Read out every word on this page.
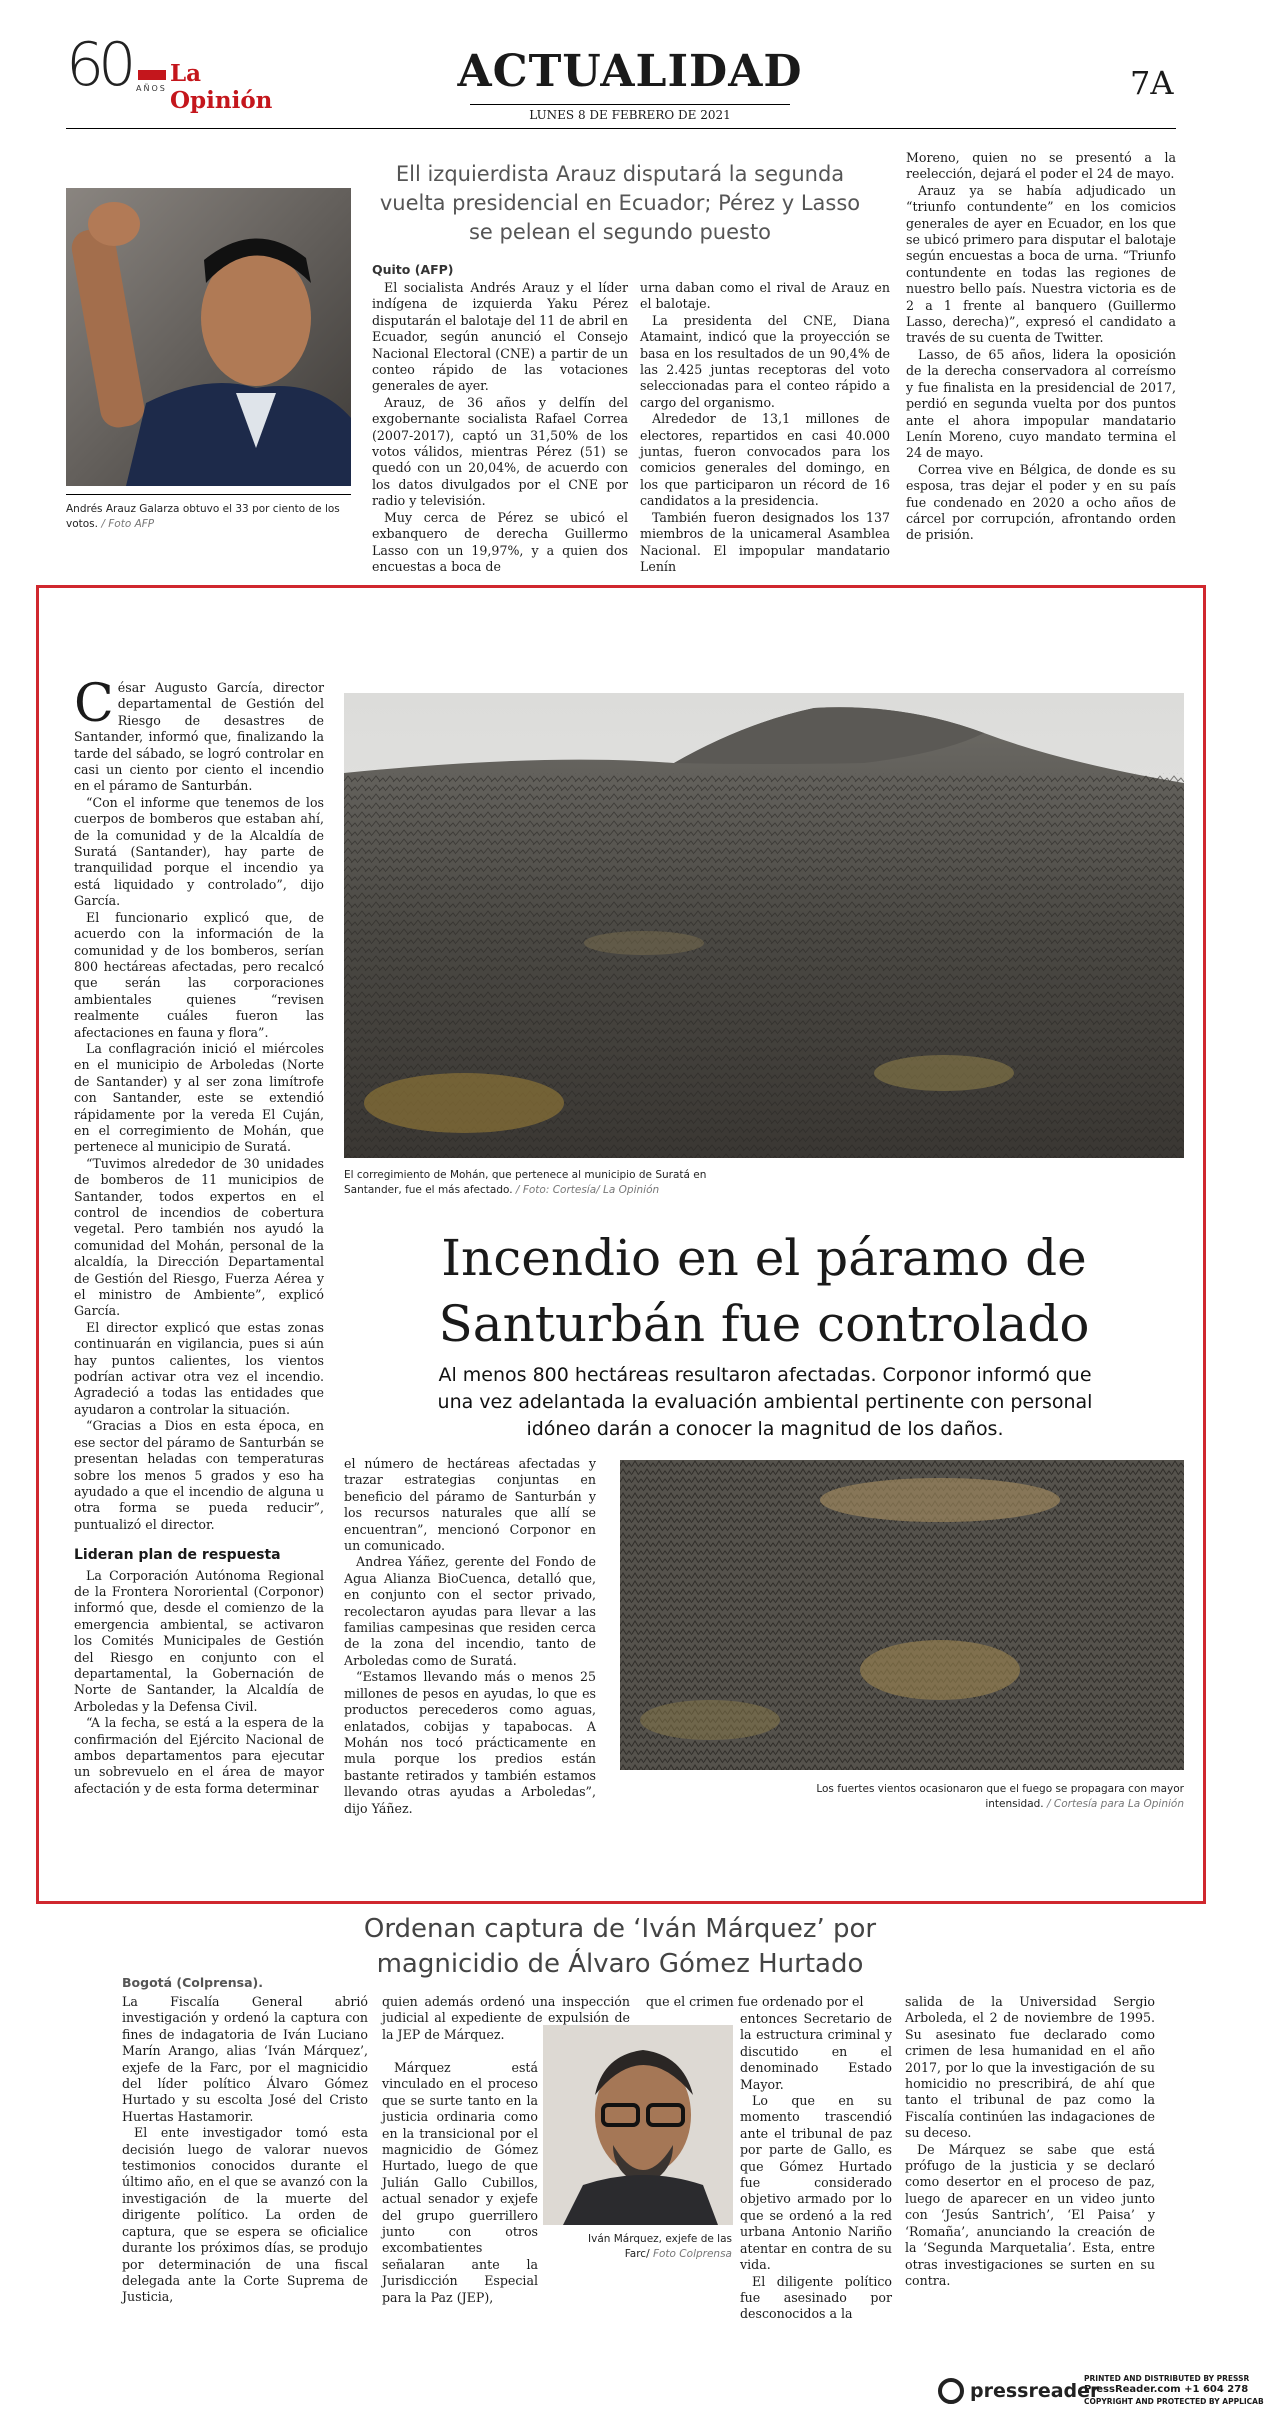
60 AÑOS
La Opinión
ACTUALIDAD
LUNES 8 DE FEBRERO DE 2021
7A
Andrés Arauz Galarza obtuvo el 33 por ciento de los votos. / Foto AFP
Ell izquierdista Arauz disputará la segunda vuelta presidencial en Ecuador; Pérez y Lasso se pelean el segundo puesto
Quito (AFP)

El socialista Andrés Arauz y el líder indígena de izquierda Yaku Pérez disputarán el balotaje del 11 de abril en Ecuador, según anunció el Consejo Nacional Electoral (CNE) a partir de un conteo rápido de las votaciones generales de ayer.

Arauz, de 36 años y delfín del exgobernante socialista Rafael Correa (2007-2017), captó un 31,50% de los votos válidos, mientras Pérez (51) se quedó con un 20,04%, de acuerdo con los datos divulgados por el CNE por radio y televisión.

Muy cerca de Pérez se ubicó el exbanquero de derecha Guillermo Lasso con un 19,97%, y a quien dos encuestas a boca de

urna daban como el rival de Arauz en el balotaje.

La presidenta del CNE, Diana Atamaint, indicó que la proyección se basa en los resultados de un 90,4% de las 2.425 juntas receptoras del voto seleccionadas para el conteo rápido a cargo del organismo.

Alrededor de 13,1 millones de electores, repartidos en casi 40.000 juntas, fueron convocados para los comicios generales del domingo, en los que participaron un récord de 16 candidatos a la presidencia.

También fueron designados los 137 miembros de la unicameral Asamblea Nacional. El impopular mandatario Lenín

Moreno, quien no se presentó a la reelección, dejará el poder el 24 de mayo.

Arauz ya se había adjudicado un “triunfo contundente” en los comicios generales de ayer en Ecuador, en los que se ubicó primero para disputar el balotaje según encuestas a boca de urna. “Triunfo contundente en todas las regiones de nuestro bello país. Nuestra victoria es de 2 a 1 frente al banquero (Guillermo Lasso, derecha)”, expresó el candidato a través de su cuenta de Twitter.

Lasso, de 65 años, lidera la oposición de la derecha conservadora al correísmo y fue finalista en la presidencial de 2017, perdió en segunda vuelta por dos puntos ante el ahora impopular mandatario Lenín Moreno, cuyo mandato termina el 24 de mayo.

Correa vive en Bélgica, de donde es su esposa, tras dejar el poder y en su país fue condenado en 2020 a ocho años de cárcel por corrupción, afrontando orden de prisión.

César Augusto García, director departamental de Gestión del Riesgo de desastres de Santander, informó que, finalizando la tarde del sábado, se logró controlar en casi un ciento por ciento el incendio en el páramo de Santurbán.

“Con el informe que tenemos de los cuerpos de bomberos que estaban ahí, de la comunidad y de la Alcaldía de Suratá (Santander), hay parte de tranquilidad porque el incendio ya está liquidado y controlado”, dijo García.

El funcionario explicó que, de acuerdo con la información de la comunidad y de los bomberos, serían 800 hectáreas afectadas, pero recalcó que serán las corporaciones ambientales quienes “revisen realmente cuáles fueron las afectaciones en fauna y flora”.

La conflagración inició el miércoles en el municipio de Arboledas (Norte de Santander) y al ser zona limítrofe con Santander, este se extendió rápidamente por la vereda El Cuján, en el corregimiento de Mohán, que pertenece al municipio de Suratá.

“Tuvimos alrededor de 30 unidades de bomberos de 11 municipios de Santander, todos expertos en el control de incendios de cobertura vegetal. Pero también nos ayudó la comunidad del Mohán, personal de la alcaldía, la Dirección Departamental de Gestión del Riesgo, Fuerza Aérea y el ministro de Ambiente”, explicó García.

El director explicó que estas zonas continuarán en vigilancia, pues si aún hay puntos calientes, los vientos podrían activar otra vez el incendio. Agradeció a todas las entidades que ayudaron a controlar la situación.

“Gracias a Dios en esta época, en ese sector del páramo de Santurbán se presentan heladas con temperaturas sobre los menos 5 grados y eso ha ayudado a que el incendio de alguna u otra forma se pueda reducir”, puntualizó el director.

Lideran plan de respuesta

La Corporación Autónoma Regional de la Frontera Nororiental (Corponor) informó que, desde el comienzo de la emergencia ambiental, se activaron los Comités Municipales de Gestión del Riesgo en conjunto con el departamental, la Gobernación de Norte de Santander, la Alcaldía de Arboledas y la Defensa Civil.

“A la fecha, se está a la espera de la confirmación del Ejército Nacional de ambos departamentos para ejecutar un sobrevuelo en el área de mayor afectación y de esta forma determinar

El corregimiento de Mohán, que pertenece al municipio de Suratá en Santander, fue el más afectado. / Foto: Cortesía/ La Opinión
Incendio en el páramo de
Santurbán fue controlado
Al menos 800 hectáreas resultaron afectadas. Corponor informó que una vez adelantada la evaluación ambiental pertinente con personal idóneo darán a conocer la magnitud de los daños.

el número de hectáreas afectadas y trazar estrategias conjuntas en beneficio del páramo de Santurbán y los recursos naturales que allí se encuentran”, mencionó Corponor en un comunicado.

Andrea Yáñez, gerente del Fondo de Agua Alianza BioCuenca, detalló que, en conjunto con el sector privado, recolectaron ayudas para llevar a las familias campesinas que residen cerca de la zona del incendio, tanto de Arboledas como de Suratá.

“Estamos llevando más o menos 25 millones de pesos en ayudas, lo que es productos perecederos como aguas, enlatados, cobijas y tapabocas. A Mohán nos tocó prácticamente en mula porque los predios están bastante retirados y también estamos llevando otras ayudas a Arboledas”, dijo Yáñez.

Los fuertes vientos ocasionaron que el fuego se propagara con mayor intensidad. / Cortesía para La Opinión
Ordenan captura de ‘Iván Márquez’ por
magnicidio de Álvaro Gómez Hurtado
Bogotá (Colprensa).

La Fiscalía General abrió investigación y ordenó la captura con fines de indagatoria de Iván Luciano Marín Arango, alias ‘Iván Márquez’, exjefe de la Farc, por el magnicidio del líder político Álvaro Gómez Hurtado y su escolta José del Cristo Huertas Hastamorir.

El ente investigador tomó esta decisión luego de valorar nuevos testimonios conocidos durante el último año, en el que se avanzó con la investigación de la muerte del dirigente político. La orden de captura, que se espera se oficialice durante los próximos días, se produjo por determinación de una fiscal delegada ante la Corte Suprema de Justicia,

quien además ordenó una inspección judicial al expediente de expulsión de la JEP de Márquez.

Márquez está vinculado en el proceso que se surte tanto en la justicia ordinaria como en la transicional por el magnicidio de Gómez Hurtado, luego de que Julián Gallo Cubillos, actual senador y exjefe del grupo guerrillero junto con otros excombatientes señalaran ante la Jurisdicción Especial para la Paz (JEP),

Iván Márquez, exjefe de las Farc/ Foto Colprensa

que el crimen fue ordenado por el

entonces Secretario de la estructura criminal y discutido en el denominado Estado Mayor.

Lo que en su momento trascendió ante el tribunal de paz por parte de Gallo, es que Gómez Hurtado fue considerado objetivo armado por lo que se ordenó a la red urbana Antonio Nariño atentar en contra de su vida.

El diligente político fue asesinado por desconocidos a la

salida de la Universidad Sergio Arboleda, el 2 de noviembre de 1995. Su asesinato fue declarado como crimen de lesa humanidad en el año 2017, por lo que la investigación de su homicidio no prescribirá, de ahí que tanto el tribunal de paz como la Fiscalía continúen las indagaciones de su deceso.

De Márquez se sabe que está prófugo de la justicia y se declaró como desertor en el proceso de paz, luego de aparecer en un video junto con ‘Jesús Santrich’, ‘El Paisa’ y ‘Romaña’, anunciando la creación de la ‘Segunda Marquetalia’. Esta, entre otras investigaciones se surten en su contra.

pressreader
PRINTED AND DISTRIBUTED BY PRESSR
PressReader.com +1 604 278
COPYRIGHT AND PROTECTED BY APPLICAB
